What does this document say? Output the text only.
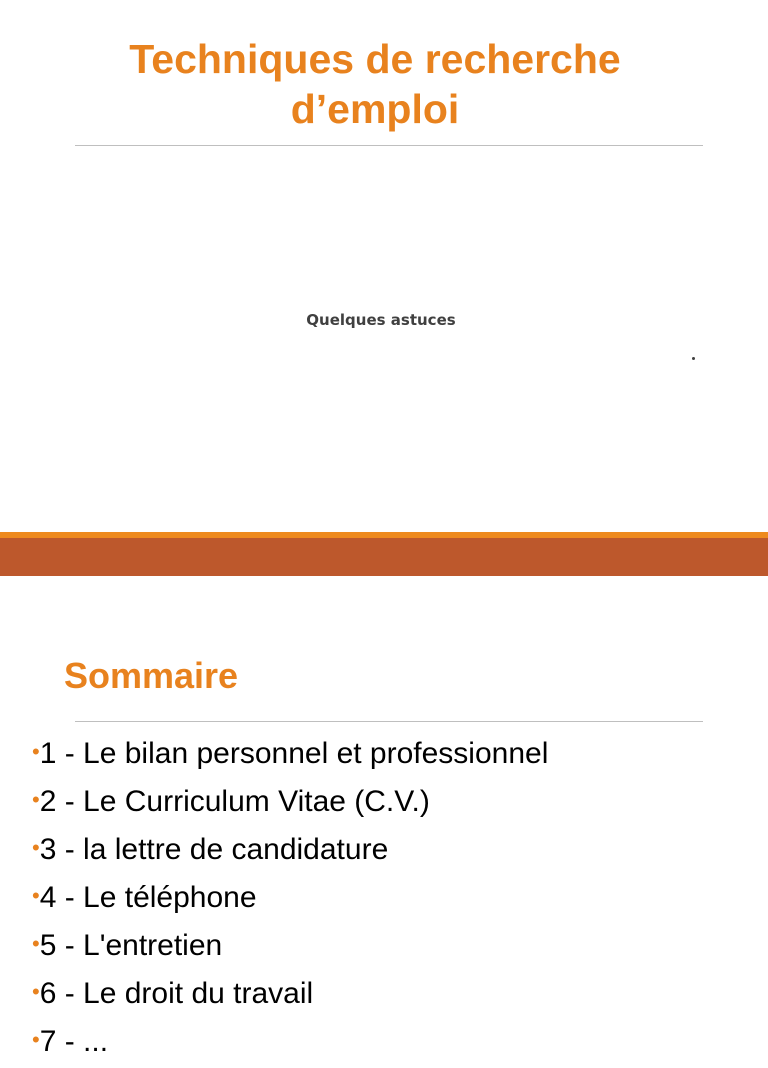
Techniques de recherche
d’emploi
Quelques astuces
Sommaire
•1 - Le bilan personnel et professionnel
•2 - Le Curriculum Vitae (C.V.)
•3 - la lettre de candidature
•4 - Le téléphone
•5 - L'entretien
•6 - Le droit du travail
•7 - ...
